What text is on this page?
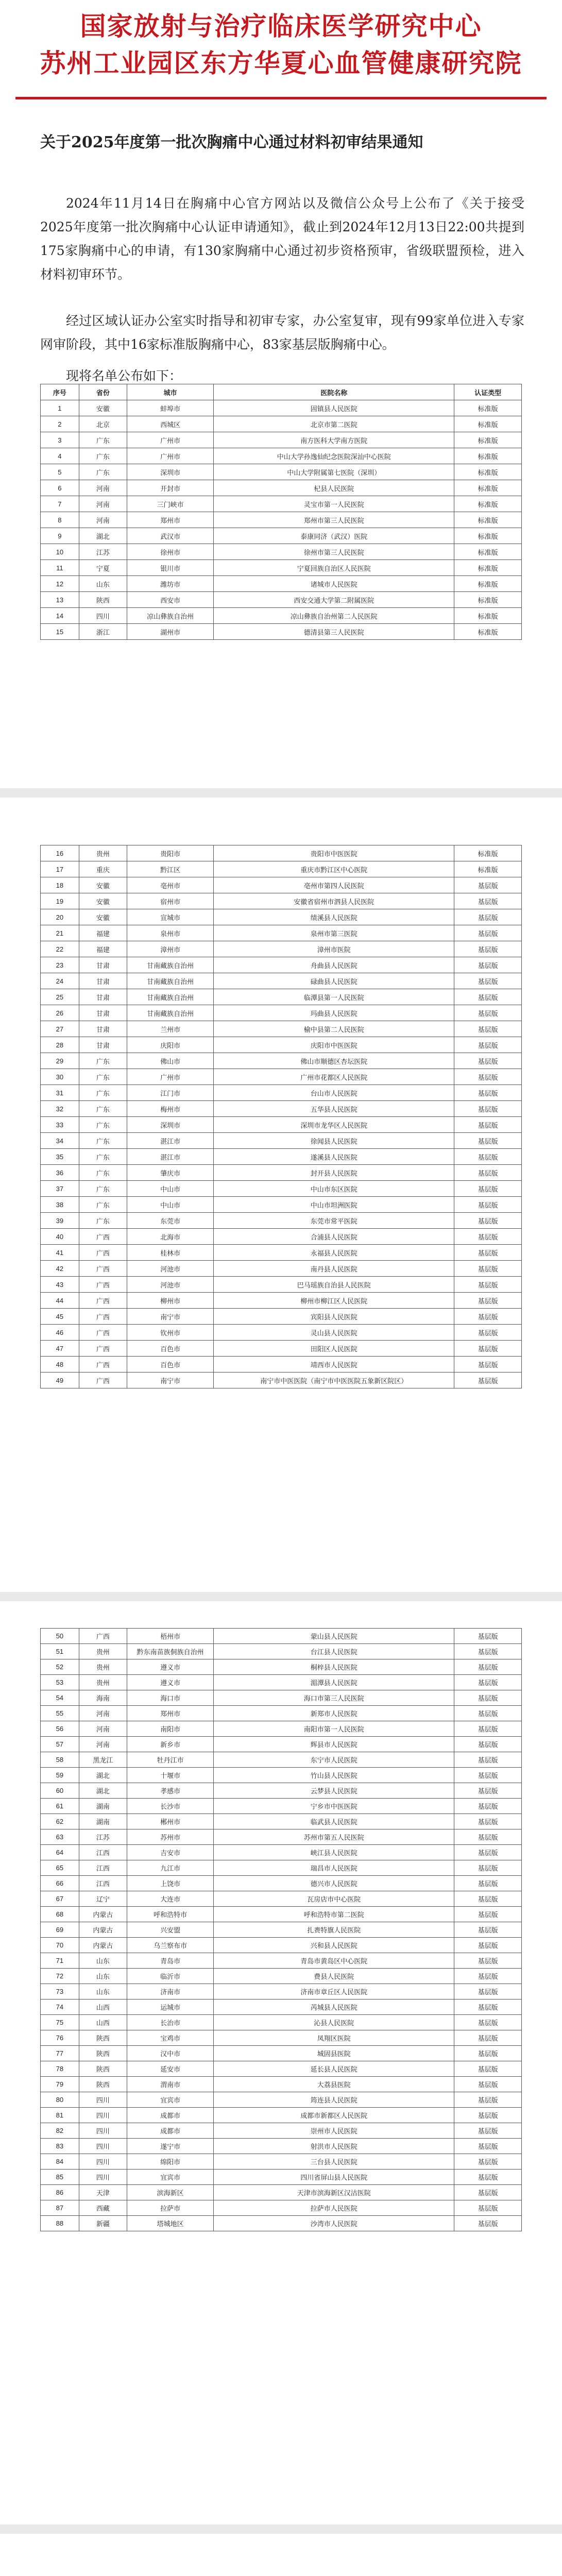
国家放射与治疗临床医学研究中心
苏州工业园区东方华夏心血管健康研究院
关于2025年度第一批次胸痛中心通过材料初审结果通知
2024年11月14日在胸痛中心官方网站以及微信公众号上公布了《关于接受2025年度第一批次胸痛中心认证申请通知》，截止到2024年12月13日22:00共提到175家胸痛中心的申请，有130家胸痛中心通过初步资格预审，省级联盟预检，进入材料初审环节。
经过区域认证办公室实时指导和初审专家，办公室复审，现有99家单位进入专家网审阶段，其中16家标准版胸痛中心，83家基层版胸痛中心。
现将名单公布如下：
序号	省份	城市	医院名称	认证类型
1	安徽	蚌埠市	固镇县人民医院	标准版
2	北京	西城区	北京市第二医院	标准版
3	广东	广州市	南方医科大学南方医院	标准版
4	广东	广州市	中山大学孙逸仙纪念医院深汕中心医院	标准版
5	广东	深圳市	中山大学附属第七医院（深圳）	标准版
6	河南	开封市	杞县人民医院	标准版
7	河南	三门峡市	灵宝市第一人民医院	标准版
8	河南	郑州市	郑州市第三人民医院	标准版
9	湖北	武汉市	泰康同济（武汉）医院	标准版
10	江苏	徐州市	徐州市第三人民医院	标准版
11	宁夏	银川市	宁夏回族自治区人民医院	标准版
12	山东	潍坊市	诸城市人民医院	标准版
13	陕西	西安市	西安交通大学第二附属医院	标准版
14	四川	凉山彝族自治州	凉山彝族自治州第二人民医院	标准版
15	浙江	湖州市	德清县第三人民医院	标准版
16	贵州	贵阳市	贵阳市中医医院	标准版
17	重庆	黔江区	重庆市黔江区中心医院	标准版
18	安徽	亳州市	亳州市第四人民医院	基层版
19	安徽	宿州市	安徽省宿州市泗县人民医院	基层版
20	安徽	宣城市	绩溪县人民医院	基层版
21	福建	泉州市	泉州市第三医院	基层版
22	福建	漳州市	漳州市医院	基层版
23	甘肃	甘南藏族自治州	舟曲县人民医院	基层版
24	甘肃	甘南藏族自治州	碌曲县人民医院	基层版
25	甘肃	甘南藏族自治州	临潭县第一人民医院	基层版
26	甘肃	甘南藏族自治州	玛曲县人民医院	基层版
27	甘肃	兰州市	榆中县第二人民医院	基层版
28	甘肃	庆阳市	庆阳市中医医院	基层版
29	广东	佛山市	佛山市顺德区杏坛医院	基层版
30	广东	广州市	广州市花都区人民医院	基层版
31	广东	江门市	台山市人民医院	基层版
32	广东	梅州市	五华县人民医院	基层版
33	广东	深圳市	深圳市龙华区人民医院	基层版
34	广东	湛江市	徐闻县人民医院	基层版
35	广东	湛江市	遂溪县人民医院	基层版
36	广东	肇庆市	封开县人民医院	基层版
37	广东	中山市	中山市东区医院	基层版
38	广东	中山市	中山市坦洲医院	基层版
39	广东	东莞市	东莞市常平医院	基层版
40	广西	北海市	合浦县人民医院	基层版
41	广西	桂林市	永福县人民医院	基层版
42	广西	河池市	南丹县人民医院	基层版
43	广西	河池市	巴马瑶族自治县人民医院	基层版
44	广西	柳州市	柳州市柳江区人民医院	基层版
45	广西	南宁市	宾阳县人民医院	基层版
46	广西	钦州市	灵山县人民医院	基层版
47	广西	百色市	田阳区人民医院	基层版
48	广西	百色市	靖西市人民医院	基层版
49	广西	南宁市	南宁市中医医院（南宁市中医医院五象新区院区）	基层版
50	广西	梧州市	蒙山县人民医院	基层版
51	贵州	黔东南苗族侗族自治州	台江县人民医院	基层版
52	贵州	遵义市	桐梓县人民医院	基层版
53	贵州	遵义市	湄潭县人民医院	基层版
54	海南	海口市	海口市第三人民医院	基层版
55	河南	郑州市	新郑市人民医院	基层版
56	河南	南阳市	南阳市第一人民医院	基层版
57	河南	新乡市	辉县市人民医院	基层版
58	黑龙江	牡丹江市	东宁市人民医院	基层版
59	湖北	十堰市	竹山县人民医院	基层版
60	湖北	孝感市	云梦县人民医院	基层版
61	湖南	长沙市	宁乡市中医医院	基层版
62	湖南	郴州市	临武县人民医院	基层版
63	江苏	苏州市	苏州市第五人民医院	基层版
64	江西	吉安市	峡江县人民医院	基层版
65	江西	九江市	瑞昌市人民医院	基层版
66	江西	上饶市	德兴市人民医院	基层版
67	辽宁	大连市	瓦房店市中心医院	基层版
68	内蒙古	呼和浩特市	呼和浩特市第二医院	基层版
69	内蒙古	兴安盟	扎赉特旗人民医院	基层版
70	内蒙古	乌兰察布市	兴和县人民医院	基层版
71	山东	青岛市	青岛市黄岛区中心医院	基层版
72	山东	临沂市	费县人民医院	基层版
73	山东	济南市	济南市章丘区人民医院	基层版
74	山西	运城市	芮城县人民医院	基层版
75	山西	长治市	沁县人民医院	基层版
76	陕西	宝鸡市	凤翔区医院	基层版
77	陕西	汉中市	城固县医院	基层版
78	陕西	延安市	延长县人民医院	基层版
79	陕西	渭南市	大荔县医院	基层版
80	四川	宜宾市	筠连县人民医院	基层版
81	四川	成都市	成都市新都区人民医院	基层版
82	四川	成都市	崇州市人民医院	基层版
83	四川	遂宁市	射洪市人民医院	基层版
84	四川	绵阳市	三台县人民医院	基层版
85	四川	宜宾市	四川省屏山县人民医院	基层版
86	天津	滨海新区	天津市滨海新区汉沽医院	基层版
87	西藏	拉萨市	拉萨市人民医院	基层版
88	新疆	塔城地区	沙湾市人民医院	基层版
